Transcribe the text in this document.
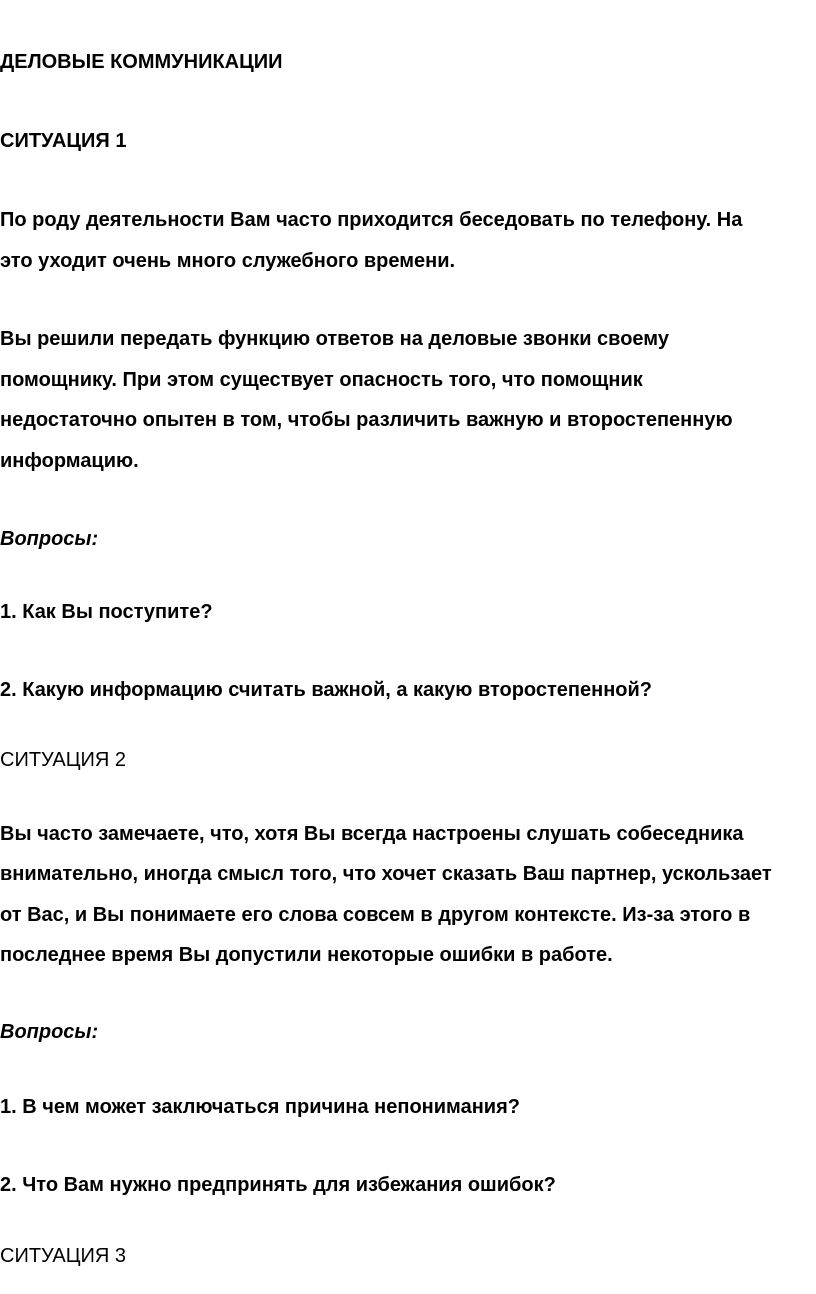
ДЕЛОВЫЕ КОММУНИКАЦИИ

СИТУАЦИЯ 1

По роду деятельности Вам часто приходится беседовать по телефону. На

это уходит очень много служебного времени.

Вы решили передать функцию ответов на деловые звонки своему

помощнику. При этом существует опасность того, что помощник

недостаточно опытен в том, чтобы различить важную и второстепенную

информацию.

Вопросы:

1. Как Вы поступите?

2. Какую информацию считать важной, а какую второстепенной?

СИТУАЦИЯ 2

Вы часто замечаете, что, хотя Вы всегда настроены слушать собеседника

внимательно, иногда смысл того, что хочет сказать Ваш партнер, ускользает

от Вас, и Вы понимаете его слова совсем в другом контексте. Из-за этого в

последнее время Вы допустили некоторые ошибки в работе.

Вопросы:

1. В чем может заключаться причина непонимания?

2. Что Вам нужно предпринять для избежания ошибок?

СИТУАЦИЯ 3
